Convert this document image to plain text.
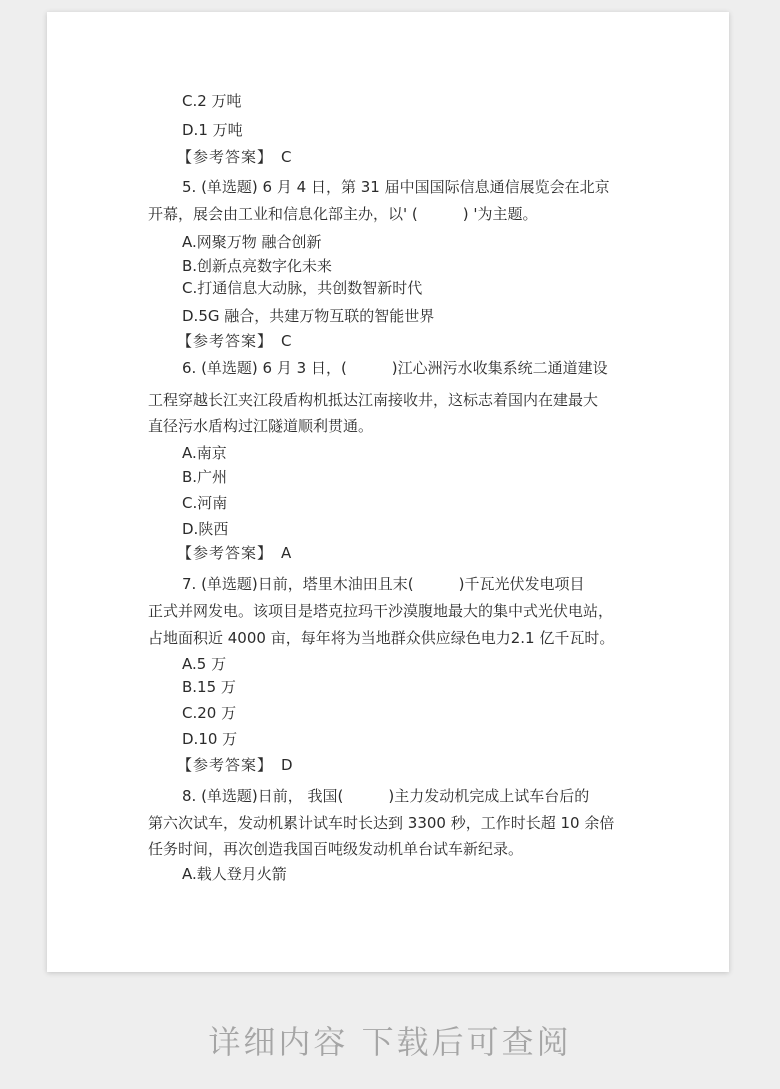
C.2 万吨

D.1 万吨

【参考答案】 C

5. (单选题) 6 月 4 日，第 31 届中国国际信息通信展览会在北京

开幕，展会由工业和信息化部主办，以' (　　　) '为主题。

A.网聚万物 融合创新

B.创新点亮数字化未来

C.打通信息大动脉，共创数智新时代

D.5G 融合，共建万物互联的智能世界

【参考答案】 C

6. (单选题) 6 月 3 日，(　　　)江心洲污水收集系统二通道建设

工程穿越长江夹江段盾构机抵达江南接收井，这标志着国内在建最大

直径污水盾构过江隧道顺利贯通。

A.南京

B.广州

C.河南

D.陕西

【参考答案】 A

7. (单选题)日前，塔里木油田且末(　　　)千瓦光伏发电项目

正式并网发电。该项目是塔克拉玛干沙漠腹地最大的集中式光伏电站，

占地面积近 4000 亩，每年将为当地群众供应绿色电力2.1 亿千瓦时。

A.5 万

B.15 万

C.20 万

D.10 万

【参考答案】 D

8. (单选题)日前， 我国(　　　)主力发动机完成上试车台后的

第六次试车，发动机累计试车时长达到 3300 秒，工作时长超 10 余倍

任务时间，再次创造我国百吨级发动机单台试车新纪录。

A.载人登月火箭

详细内容 下载后可查阅
